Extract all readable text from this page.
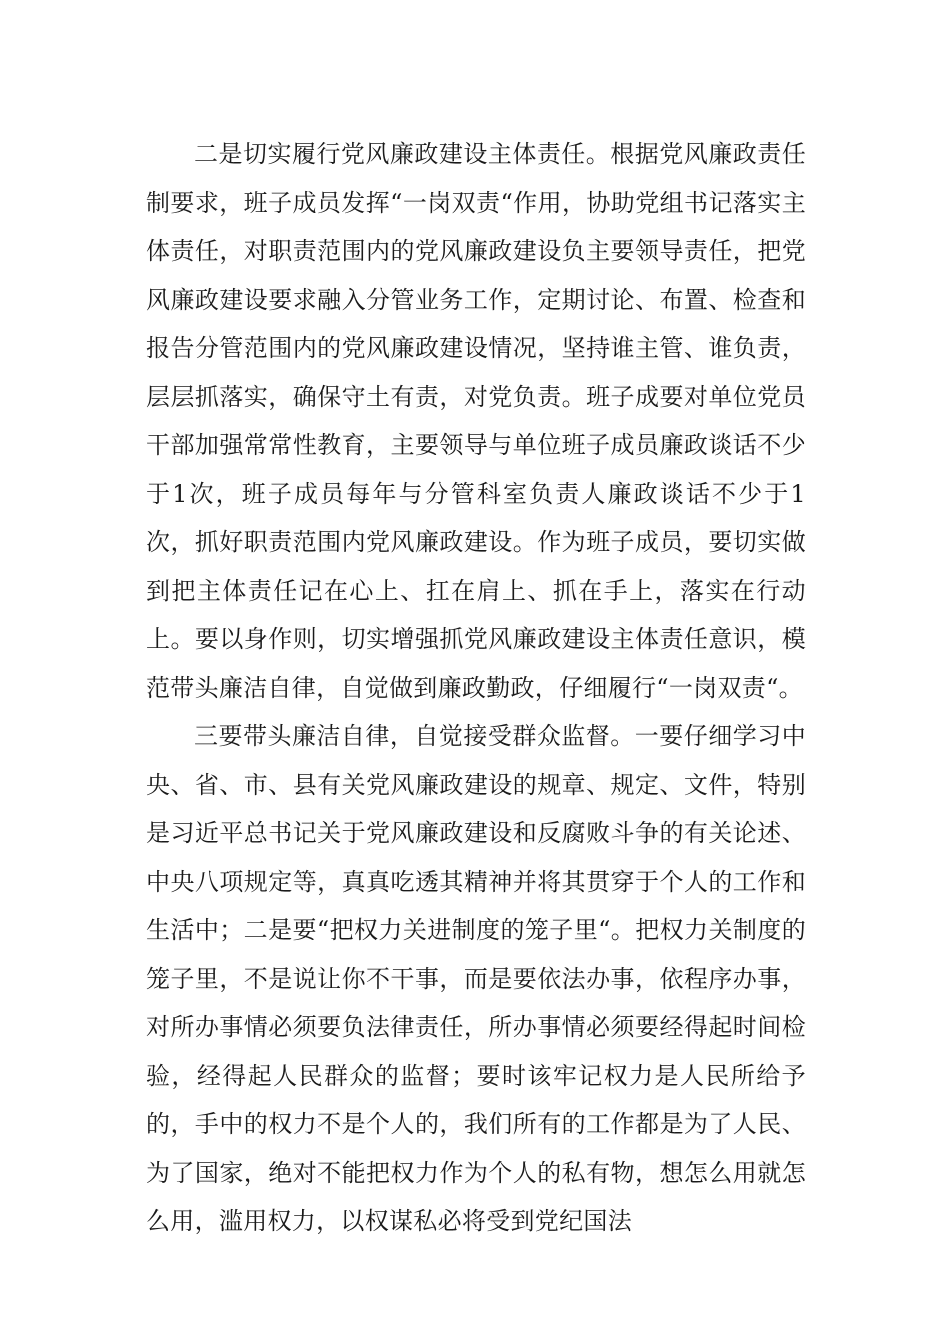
二是切实履行党风廉政建设主体责任。根据党风廉政责任制要求，班子成员发挥“一岗双责“作用，协助党组书记落实主体责任，对职责范围内的党风廉政建设负主要领导责任，把党风廉政建设要求融入分管业务工作，定期讨论、布置、检查和报告分管范围内的党风廉政建设情况，坚持谁主管、谁负责，层层抓落实，确保守土有责，对党负责。班子成要对单位党员干部加强常常性教育，主要领导与单位班子成员廉政谈话不少于1次，班子成员每年与分管科室负责人廉政谈话不少于1次，抓好职责范围内党风廉政建设。作为班子成员，要切实做到把主体责任记在心上、扛在肩上、抓在手上，落实在行动上。要以身作则，切实增强抓党风廉政建设主体责任意识，模范带头廉洁自律，自觉做到廉政勤政，仔细履行“一岗双责“。

三要带头廉洁自律，自觉接受群众监督。一要仔细学习中央、省、市、县有关党风廉政建设的规章、规定、文件，特别是习近平总书记关于党风廉政建设和反腐败斗争的有关论述、中央八项规定等，真真吃透其精神并将其贯穿于个人的工作和生活中；二是要“把权力关进制度的笼子里“。把权力关制度的笼子里，不是说让你不干事，而是要依法办事，依程序办事，对所办事情必须要负法律责任，所办事情必须要经得起时间检验，经得起人民群众的监督；要时该牢记权力是人民所给予的，手中的权力不是个人的，我们所有的工作都是为了人民、为了国家，绝对不能把权力作为个人的私有物，想怎么用就怎么用，滥用权力，以权谋私必将受到党纪国法
